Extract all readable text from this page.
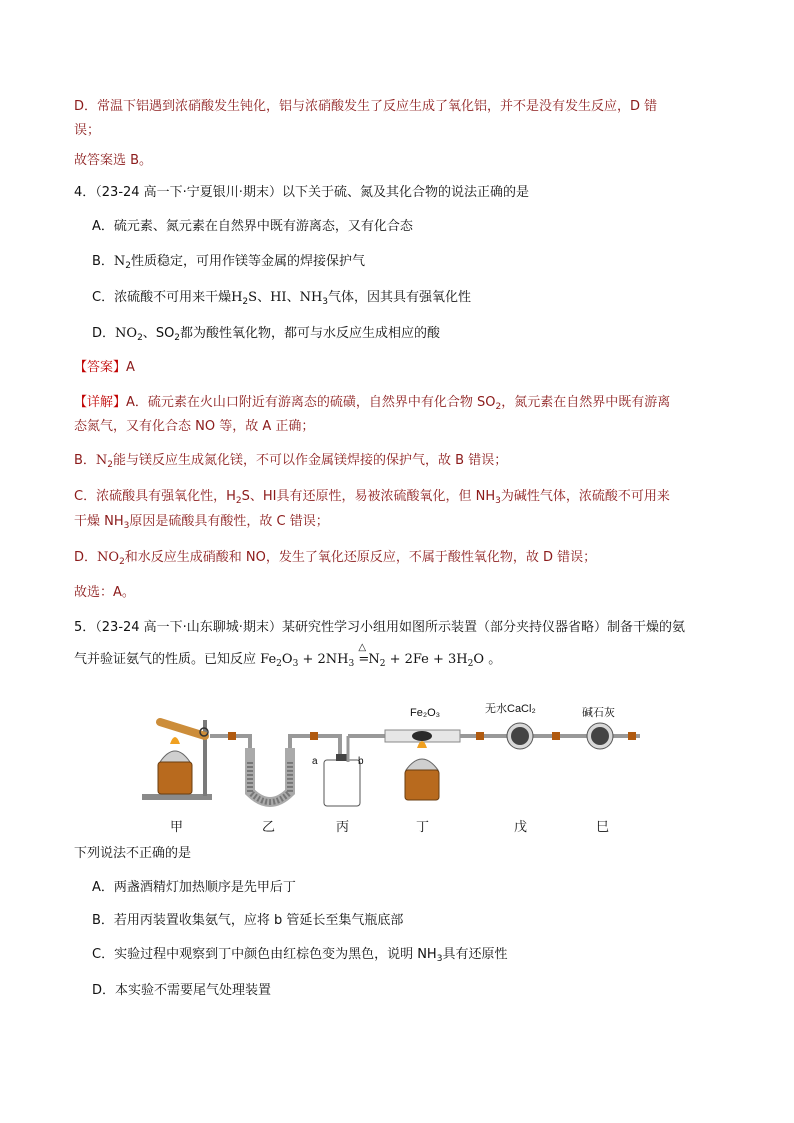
D．常温下铝遇到浓硝酸发生钝化，铝与浓硝酸发生了反应生成了氧化铝，并不是没有发生反应，D 错
误；
故答案选 B。
4．（23-24 高一下·宁夏银川·期末）以下关于硫、氮及其化合物的说法正确的是
A．硫元素、氮元素在自然界中既有游离态，又有化合态
B．$N_2$性质稳定，可用作镁等金属的焊接保护气
C．浓硫酸不可用来干燥$H_2S$、HI、$NH_3$气体，因其具有强氧化性
D．$NO_2$、$SO_2$都为酸性氧化物，都可与水反应生成相应的酸
【答案】A
【详解】A．硫元素在火山口附近有游离态的硫磺，自然界中有化合物 $SO_2$，氮元素在自然界中既有游离
态氮气，又有化合态 NO 等，故 A 正确；
B．$N_2$能与镁反应生成氮化镁，不可以作金属镁焊接的保护气，故 B 错误；
C．浓硫酸具有强氧化性，$H_2S$、HI具有还原性，易被浓硫酸氧化，但 $NH_3$为碱性气体，浓硫酸不可用来
干燥 $NH_3$原因是硫酸具有酸性，故 C 错误；
D．$NO_2$和水反应生成硝酸和 NO，发生了氧化还原反应，不属于酸性氧化物，故 D 错误；
故选：A。
5．（23-24 高一下·山东聊城·期末）某研究性学习小组用如图所示装置（部分夹持仪器省略）制备干燥的氨
气并验证氨气的性质。已知反应 $Fe_2O_3 + 2NH_3$
△
$=N_2 + 2Fe + 3H_2O$ 。
a	b
Fe₂O₃	无水CaCl₂	碱石灰
甲	乙	丙	丁	戊	巳
下列说法不正确的是
A．两盏酒精灯加热顺序是先甲后丁
B．若用丙装置收集氨气，应将 b 管延长至集气瓶底部
C．实验过程中观察到丁中颜色由红棕色变为黑色，说明 $NH_3$具有还原性
D．本实验不需要尾气处理装置
